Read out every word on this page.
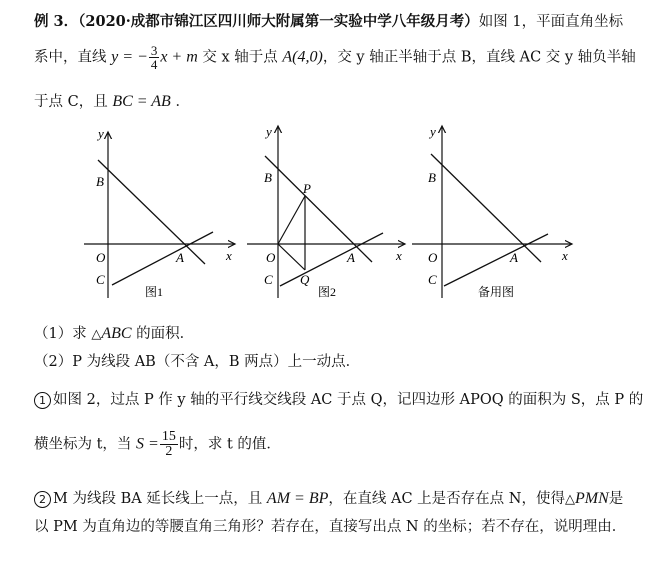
例 3．（2020·成都市锦江区四川师大附属第一实验中学八年级月考）如图 1，平面直角坐标
系中，直线 y = − $\frac{3}{4}$ x + m 交 x 轴于点 A(4,0)，交 y 轴正半轴于点 B，直线 AC 交 y 轴负半轴
于点 C，且 BC = AB ．
y
x
B
O	A
C
图1
y
x
B
O	A
C
P
Q
图2
y
x
B
O	A
C
备用图
（1）求 △ABC 的面积．
（2）P 为线段 AB（不含 A，B 两点）上一动点．
1 如图 2，过点 P 作 y 轴的平行线交线段 AC 于点 Q，记四边形 APOQ 的面积为 S，点 P 的
横坐标为 t，当 $S = \frac{15}{2}$ 时，求 t 的值．
2 M 为线段 BA 延长线上一点，且 AM = BP，在直线 AC 上是否存在点 N，使得△PMN是
以 PM 为直角边的等腰直角三角形？若存在，直接写出点 N 的坐标；若不存在，说明理由．
